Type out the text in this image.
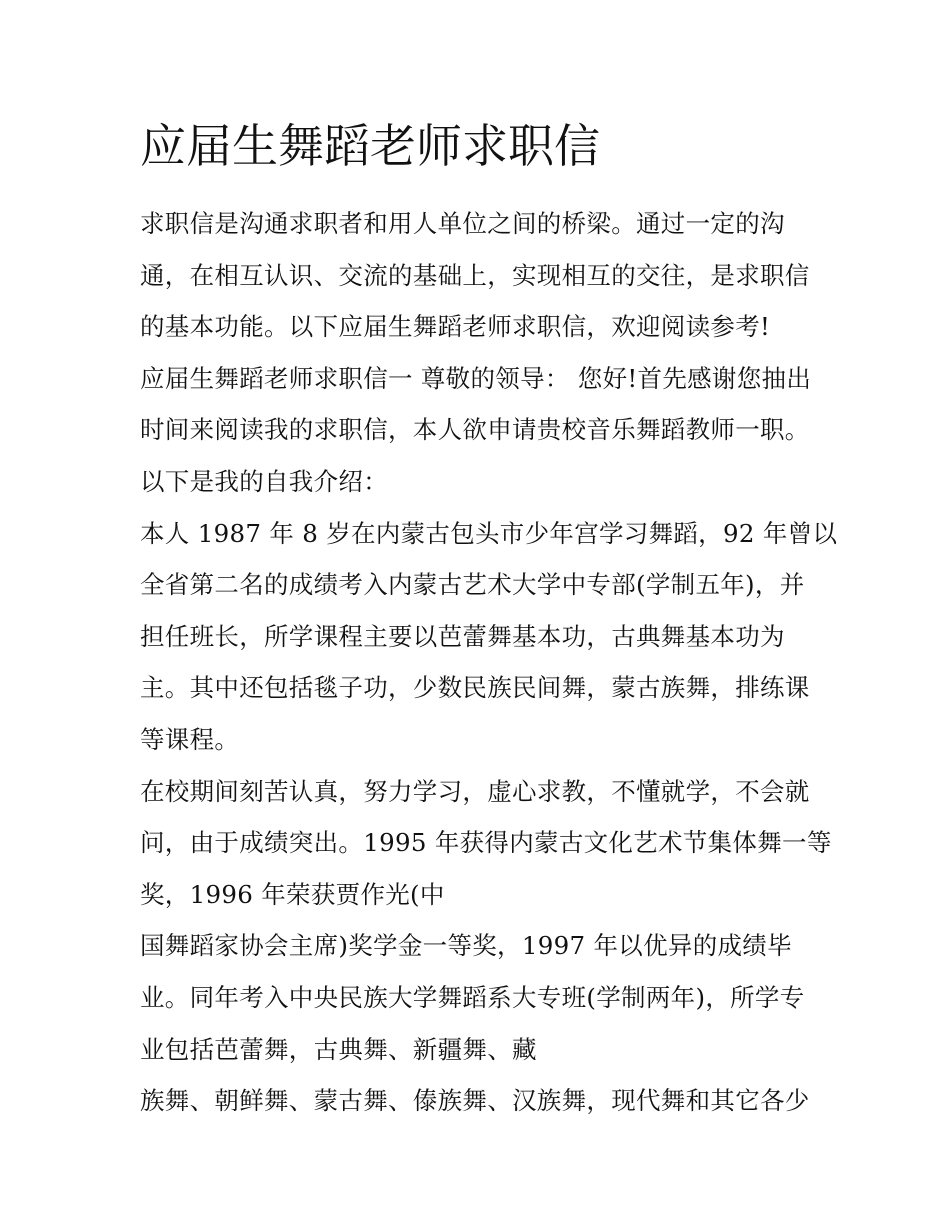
应届生舞蹈老师求职信
求职信是沟通求职者和用人单位之间的桥梁。通过一定的沟
通，在相互认识、交流的基础上，实现相互的交往，是求职信
的基本功能。以下应届生舞蹈老师求职信，欢迎阅读参考!
应届生舞蹈老师求职信一 尊敬的领导： 您好!首先感谢您抽出
时间来阅读我的求职信，本人欲申请贵校音乐舞蹈教师一职。
以下是我的自我介绍：
本人 1987 年 8 岁在内蒙古包头市少年宫学习舞蹈，92 年曾以
全省第二名的成绩考入内蒙古艺术大学中专部(学制五年)，并
担任班长，所学课程主要以芭蕾舞基本功，古典舞基本功为
主。其中还包括毯子功，少数民族民间舞，蒙古族舞，排练课
等课程。
在校期间刻苦认真，努力学习，虚心求教，不懂就学，不会就
问，由于成绩突出。1995 年获得内蒙古文化艺术节集体舞一等
奖，1996 年荣获贾作光(中
国舞蹈家协会主席)奖学金一等奖，1997 年以优异的成绩毕
业。同年考入中央民族大学舞蹈系大专班(学制两年)，所学专
业包括芭蕾舞，古典舞、新疆舞、藏
族舞、朝鲜舞、蒙古舞、傣族舞、汉族舞，现代舞和其它各少
